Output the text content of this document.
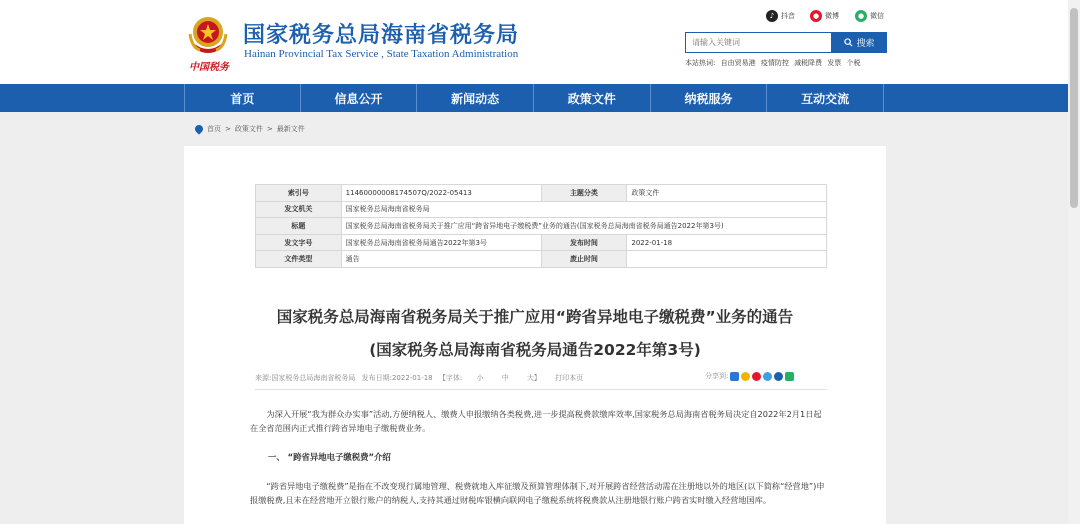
中国税务
国家税务总局海南省税务局
Hainan Provincial Tax Service , State Taxation Administration
♪ 抖音	● 微博	● 微信
请输入关键词
搜索
本站热词: 自由贸易港 疫情防控 减税降费 发票 个税
首页	信息公开	新闻动态	政策文件	纳税服务	互动交流
首页 > 政策文件 > 最新文件
索引号	11460000008174507Q/2022-05413	主题分类	政策文件
发文机关	国家税务总局海南省税务局		
标题	国家税务总局海南省税务局关于推广应用“跨省异地电子缴税费”业务的通告(国家税务总局海南省税务局通告2022年第3号)		
发文字号	国家税务总局海南省税务局通告2022年第3号	发布时间	2022-01-18
文件类型	通告	废止时间	
国家税务总局海南省税务局关于推广应用“跨省异地电子缴税费”业务的通告
(国家税务总局海南省税务局通告2022年第3号)
来源:国家税务总局海南省税务局 发布日期:2022-01-18 【字体: 小	中	大】 打印本页	分享到:
为深入开展“我为群众办实事”活动,方便纳税人、缴费人申报缴纳各类税费,进一步提高税费款缴库效率,国家税务总局海南省税务局决定自2022年2月1日起在全省范围内正式推行跨省异地电子缴税费业务。
一、 “跨省异地电子缴税费”介绍
“跨省异地电子缴税费”是指在不改变现行属地管理、税费就地入库征缴及预算管理体制下,对开展跨省经营活动需在注册地以外的地区(以下简称“经营地”)申报缴税费,且未在经营地开立银行账户的纳税人,支持其通过财税库银横向联网电子缴税系统将税费款从注册地银行账户跨省实时缴入经营地国库。
